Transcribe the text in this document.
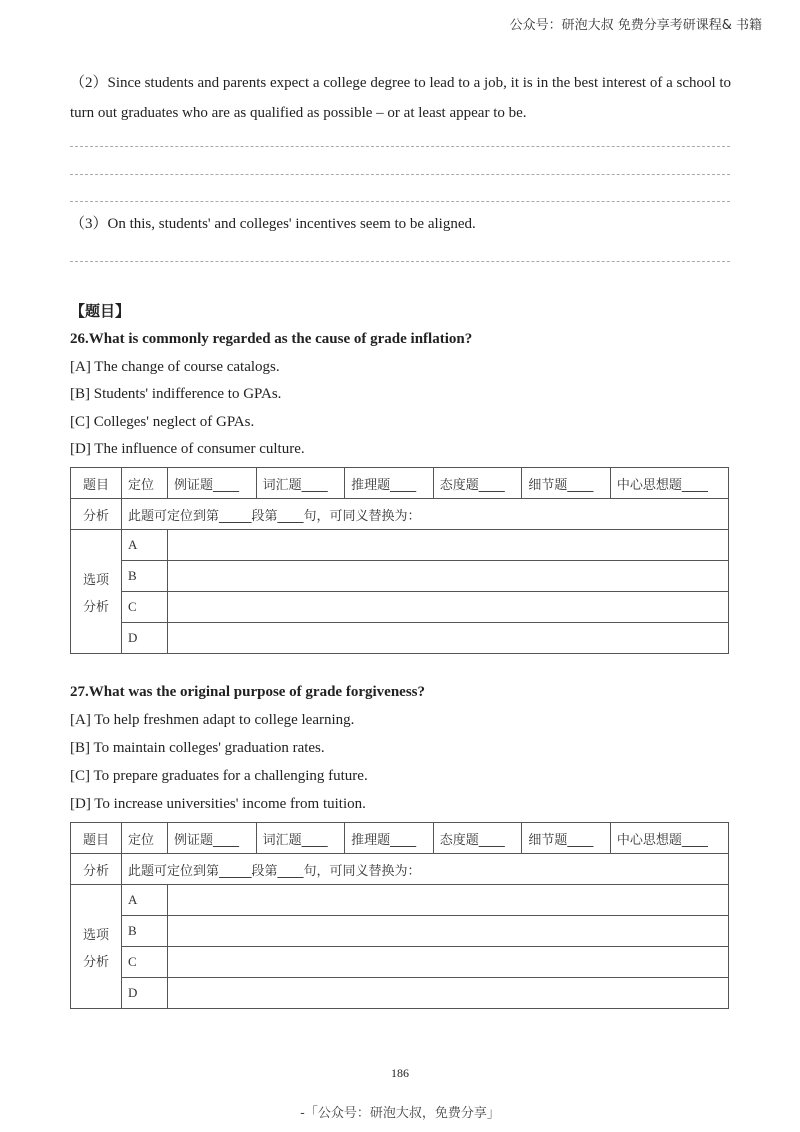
公众号：研泡大叔 免费分享考研课程& 书籍
（2）Since students and parents expect a college degree to lead to a job, it is in the best interest of a school to turn out graduates who are as qualified as possible – or at least appear to be.
（3）On this, students' and colleges' incentives seem to be aligned.
【题目】
26.What is commonly regarded as the cause of grade inflation?
[A] The change of course catalogs.
[B] Students' indifference to GPAs.
[C] Colleges' neglect of GPAs.
[D] The influence of consumer culture.
题目	定位	例证题____	词汇题____	推理题____	态度题____	细节题____	中心思想题____
分析	此题可定位到第_____段第____句，可同义替换为：						

选项
分析	A						
	B						
	C						
	D						
27.What was the original purpose of grade forgiveness?
[A] To help freshmen adapt to college learning.
[B] To maintain colleges' graduation rates.
[C] To prepare graduates for a challenging future.
[D] To increase universities' income from tuition.
题目	定位	例证题____	词汇题____	推理题____	态度题____	细节题____	中心思想题____
分析	此题可定位到第_____段第____句，可同义替换为：						

选项
分析	A						
	B						
	C						
	D						
186
-「公众号：研泡大叔，免费分享」
